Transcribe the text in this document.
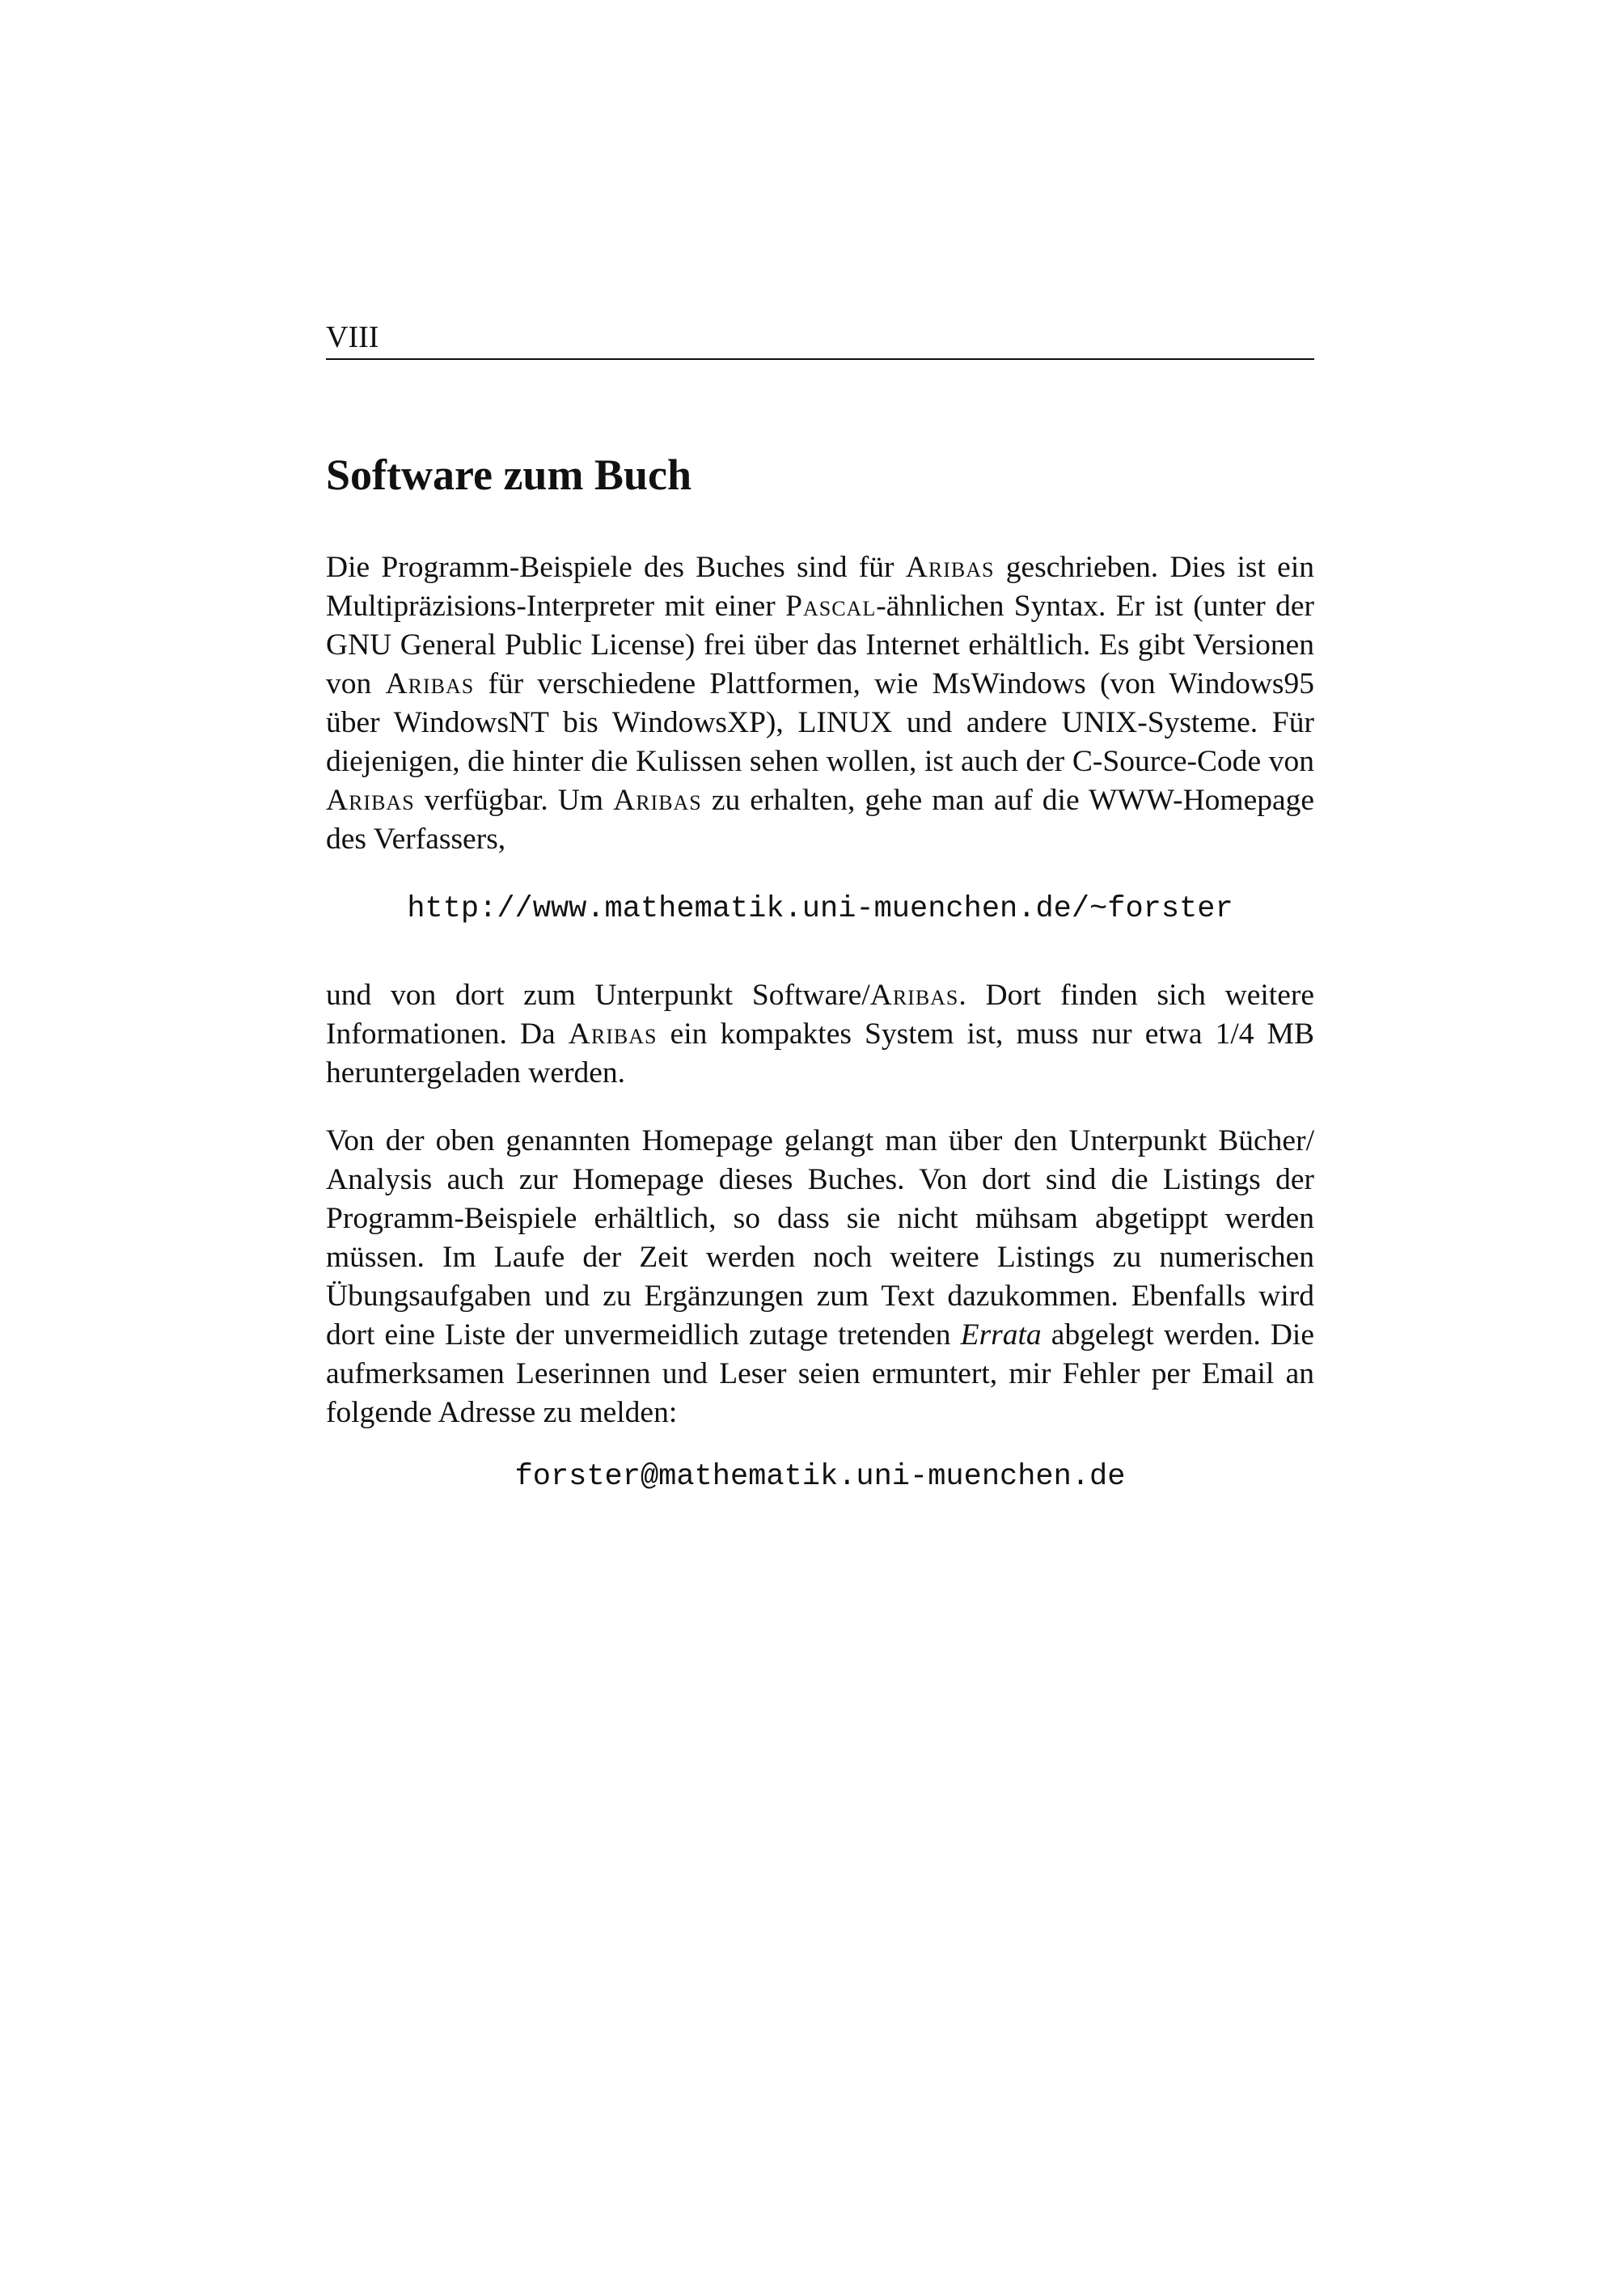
VIII
Software zum Buch

Die Programm-Beispiele des Buches sind für Aribas geschrieben. Dies ist ein Multipräzisions-Interpreter mit einer Pascal-ähnlichen Syntax. Er ist (unter der GNU General Public License) frei über das Internet erhältlich. Es gibt Versionen von Aribas für verschiedene Plattformen, wie MsWindows (von Windows95 über WindowsNT bis WindowsXP), LINUX und andere UNIX-Systeme. Für diejenigen, die hinter die Kulissen sehen wollen, ist auch der C-Source-Code von Aribas verfügbar. Um Aribas zu erhalten, gehe man auf die WWW-Homepage des Verfassers,

http://www.mathematik.uni-muenchen.de/~forster

und von dort zum Unterpunkt Software/Aribas. Dort finden sich weitere Informationen. Da Aribas ein kompaktes System ist, muss nur etwa 1/4 MB heruntergeladen werden.

Von der oben genannten Homepage gelangt man über den Unterpunkt Bücher/ Analysis auch zur Homepage dieses Buches. Von dort sind die Listings der Programm-Beispiele erhältlich, so dass sie nicht mühsam abgetippt werden müssen. Im Laufe der Zeit werden noch weitere Listings zu numerischen Übungsaufgaben und zu Ergänzungen zum Text dazukommen. Ebenfalls wird dort eine Liste der unvermeidlich zutage tretenden Errata abgelegt werden. Die aufmerksamen Leserinnen und Leser seien ermuntert, mir Fehler per Email an folgende Adresse zu melden:

forster@mathematik.uni-muenchen.de
